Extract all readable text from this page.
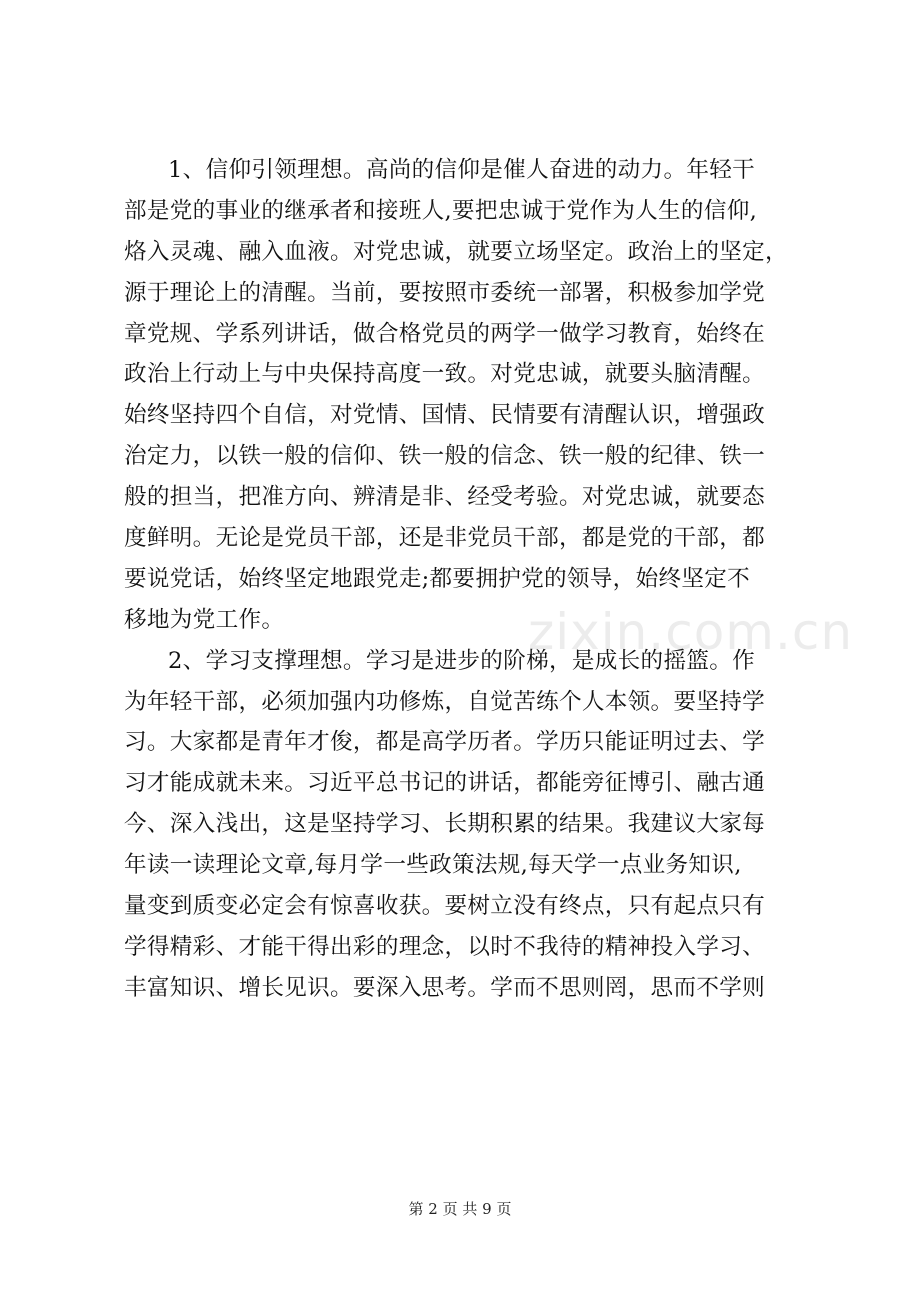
1、信仰引领理想。高尚的信仰是催人奋进的动力。年轻干
部是党的事业的继承者和接班人,要把忠诚于党作为人生的信仰,
烙入灵魂、融入血液。对党忠诚，就要立场坚定。政治上的坚定，
源于理论上的清醒。当前，要按照市委统一部署，积极参加学党
章党规、学系列讲话，做合格党员的两学一做学习教育，始终在
政治上行动上与中央保持高度一致。对党忠诚，就要头脑清醒。
始终坚持四个自信，对党情、国情、民情要有清醒认识，增强政
治定力，以铁一般的信仰、铁一般的信念、铁一般的纪律、铁一
般的担当，把准方向、辨清是非、经受考验。对党忠诚，就要态
度鲜明。无论是党员干部，还是非党员干部，都是党的干部，都
要说党话，始终坚定地跟党走;都要拥护党的领导，始终坚定不
移地为党工作。
2、学习支撑理想。学习是进步的阶梯，是成长的摇篮。作
为年轻干部，必须加强内功修炼，自觉苦练个人本领。要坚持学
习。大家都是青年才俊，都是高学历者。学历只能证明过去、学
习才能成就未来。习近平总书记的讲话，都能旁征博引、融古通
今、深入浅出，这是坚持学习、长期积累的结果。我建议大家每
年读一读理论文章,每月学一些政策法规,每天学一点业务知识,
量变到质变必定会有惊喜收获。要树立没有终点，只有起点只有
学得精彩、才能干得出彩的理念，以时不我待的精神投入学习、
丰富知识、增长见识。要深入思考。学而不思则罔，思而不学则
zixin.com.cn
第 2 页 共 9 页
